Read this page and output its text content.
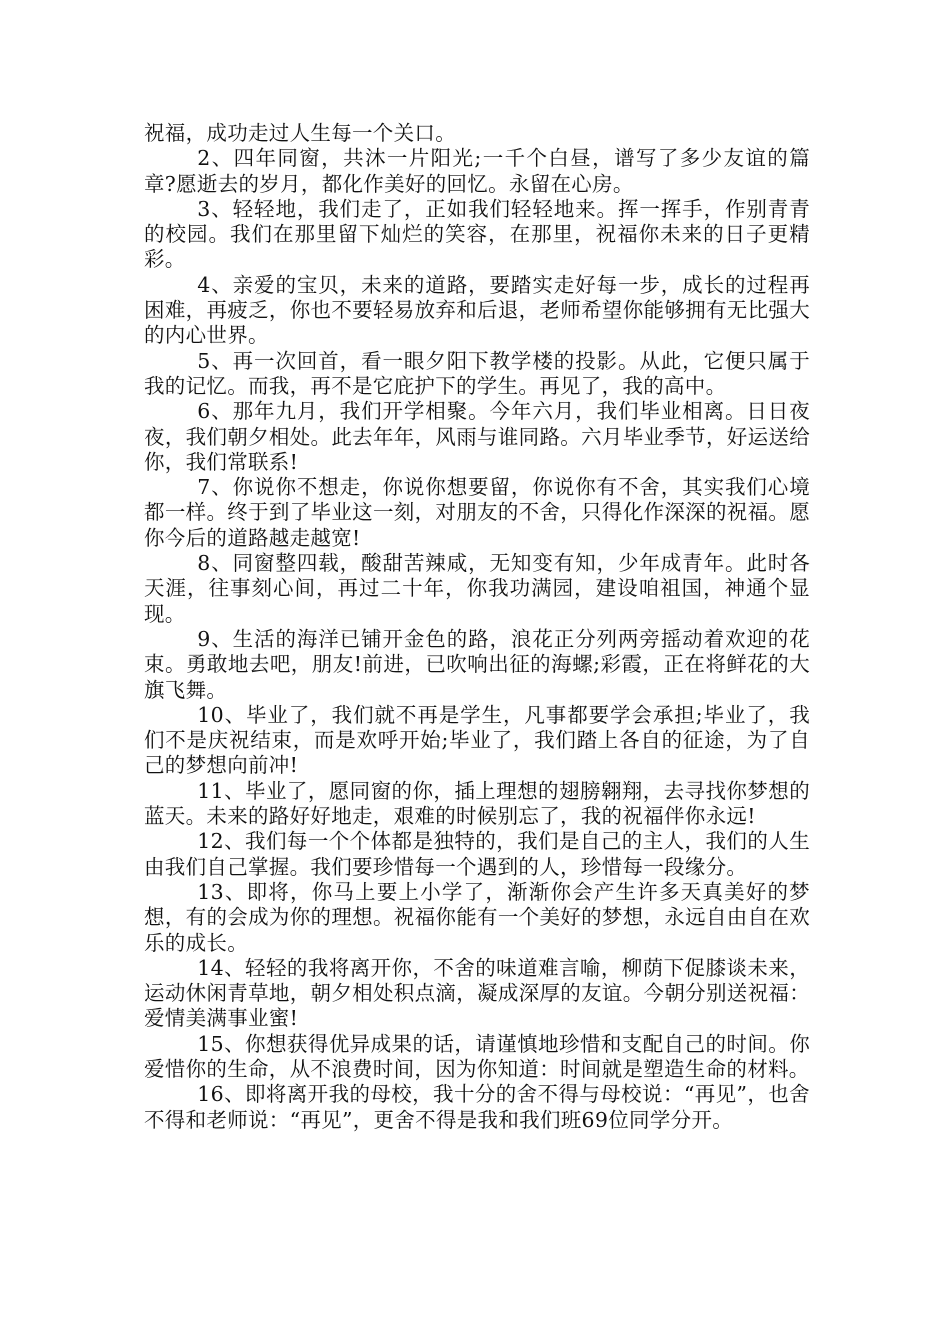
祝福，成功走过人生每一个关口。

2、四年同窗，共沐一片阳光;一千个白昼，谱写了多少友谊的篇章?愿逝去的岁月，都化作美好的回忆。永留在心房。

3、轻轻地，我们走了，正如我们轻轻地来。挥一挥手，作别青青的校园。我们在那里留下灿烂的笑容，在那里，祝福你未来的日子更精彩。

4、亲爱的宝贝，未来的道路，要踏实走好每一步，成长的过程再困难，再疲乏，你也不要轻易放弃和后退，老师希望你能够拥有无比强大的内心世界。

5、再一次回首，看一眼夕阳下教学楼的投影。从此，它便只属于我的记忆。而我，再不是它庇护下的学生。再见了，我的高中。

6、那年九月，我们开学相聚。今年六月，我们毕业相离。日日夜夜，我们朝夕相处。此去年年，风雨与谁同路。六月毕业季节，好运送给你，我们常联系!

7、你说你不想走，你说你想要留，你说你有不舍，其实我们心境都一样。终于到了毕业这一刻，对朋友的不舍，只得化作深深的祝福。愿你今后的道路越走越宽!

8、同窗整四载，酸甜苦辣咸，无知变有知，少年成青年。此时各天涯，往事刻心间，再过二十年，你我功满园，建设咱祖国，神通个显现。

9、生活的海洋已铺开金色的路，浪花正分列两旁摇动着欢迎的花束。勇敢地去吧，朋友!前进，已吹响出征的海螺;彩霞，正在将鲜花的大旗飞舞。

10、毕业了，我们就不再是学生，凡事都要学会承担;毕业了，我们不是庆祝结束，而是欢呼开始;毕业了，我们踏上各自的征途，为了自己的梦想向前冲!

11、毕业了，愿同窗的你，插上理想的翅膀翱翔，去寻找你梦想的蓝天。未来的路好好地走，艰难的时候别忘了，我的祝福伴你永远!

12、我们每一个个体都是独特的，我们是自己的主人，我们的人生由我们自己掌握。我们要珍惜每一个遇到的人，珍惜每一段缘分。

13、即将，你马上要上小学了，渐渐你会产生许多天真美好的梦想，有的会成为你的理想。祝福你能有一个美好的梦想，永远自由自在欢乐的成长。

14、轻轻的我将离开你，不舍的味道难言喻，柳荫下促膝谈未来，运动休闲青草地，朝夕相处积点滴，凝成深厚的友谊。今朝分别送祝福：爱情美满事业蜜!

15、你想获得优异成果的话，请谨慎地珍惜和支配自己的时间。你爱惜你的生命，从不浪费时间，因为你知道：时间就是塑造生命的材料。

16、即将离开我的母校，我十分的舍不得与母校说：“再见”，也舍不得和老师说：“再见”，更舍不得是我和我们班69位同学分开。
